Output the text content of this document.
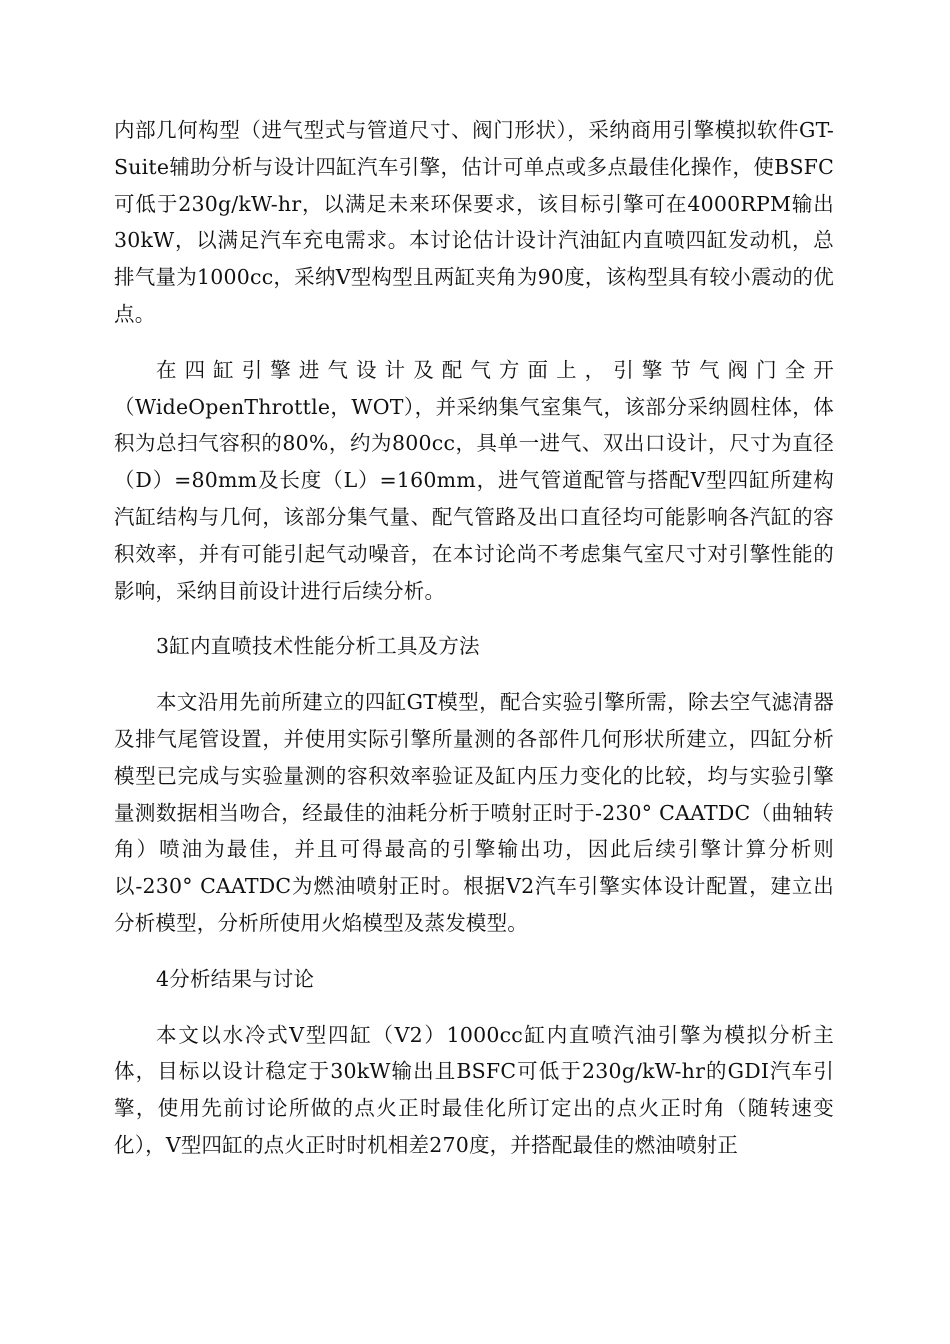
内部几何构型（进气型式与管道尺寸、阀门形状），采纳商用引擎模拟软件GT-Suite辅助分析与设计四缸汽车引擎，估计可单点或多点最佳化操作，使BSFC可低于230g/kW-hr，以满足未来环保要求，该目标引擎可在4000RPM输出30kW，以满足汽车充电需求。本讨论估计设计汽油缸内直喷四缸发动机，总排气量为1000cc，采纳V型构型且两缸夹角为90度，该构型具有较小震动的优点。

在四缸引擎进气设计及配气方面上，引擎节气阀门全开（WideOpenThrottle，WOT），并采纳集气室集气，该部分采纳圆柱体，体积为总扫气容积的80%，约为800cc，具单一进气、双出口设计，尺寸为直径（D）=80mm及长度（L）=160mm，进气管道配管与搭配V型四缸所建构汽缸结构与几何，该部分集气量、配气管路及出口直径均可能影响各汽缸的容积效率，并有可能引起气动噪音，在本讨论尚不考虑集气室尺寸对引擎性能的影响，采纳目前设计进行后续分析。

3缸内直喷技术性能分析工具及方法

本文沿用先前所建立的四缸GT模型，配合实验引擎所需，除去空气滤清器及排气尾管设置，并使用实际引擎所量测的各部件几何形状所建立，四缸分析模型已完成与实验量测的容积效率验证及缸内压力变化的比较，均与实验引擎量测数据相当吻合，经最佳的油耗分析于喷射正时于-230° CAATDC（曲轴转角）喷油为最佳，并且可得最高的引擎输出功，因此后续引擎计算分析则以-230° CAATDC为燃油喷射正时。根据V2汽车引擎实体设计配置，建立出分析模型，分析所使用火焰模型及蒸发模型。

4分析结果与讨论

本文以水冷式V型四缸（V2）1000cc缸内直喷汽油引擎为模拟分析主体，目标以设计稳定于30kW输出且BSFC可低于230g/kW-hr的GDI汽车引擎，使用先前讨论所做的点火正时最佳化所订定出的点火正时角（随转速变化），V型四缸的点火正时时机相差270度，并搭配最佳的燃油喷射正
